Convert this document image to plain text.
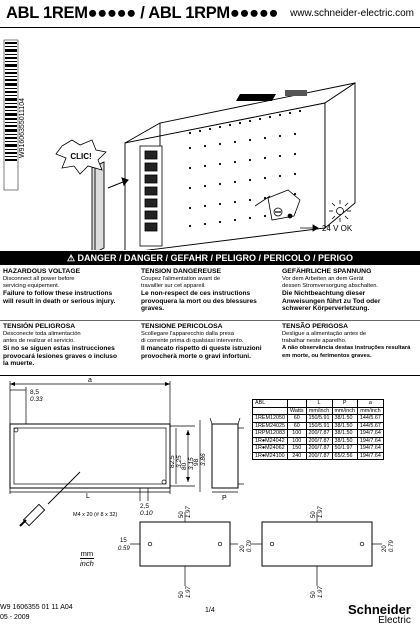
ABL 1REM●●●●● / ABL 1RPM●●●●● www.schneider-electric.com
W91606355011104	CLIC!
24 V OK
⚠ DANGER / DANGER / GEFAHR / PELIGRO / PERICOLO / PERIGO
HAZARDOUS VOLTAGE
Disconnect all power before
servicing equipement.
Failure to follow these instructions
will result in death or serious injury.
TENSION DANGEREUSE
Coupez l'alimentation avant de
travailler sur cet appareil.
Le non-respect de ces instructions
provoquera la mort ou des blessures
graves.
GEFÄHRLICHE SPANNUNG
Vor dem Arbeiten an dem Gerät
dessen Stromversorgung abschalten.
Die Nichtbeachtung dieser
Anweisungen führt zu Tod oder
schwerer Körperverletzung.
TENSIÓN PELIGROSA
Desconecte toda alimentación
antes de realizar el servicio.
Si no se siguen estas instrucciones
provocará lesiones graves o incluso
la muerte.
TENSIONE PERICOLOSA
Scollegare l'apparecchio dalla presa
di corrente prima di qualsiasi intervento.
Il mancato rispetto di queste istruzioni
provocherà morte o gravi infortuni.
TENSÃO PERIGOSA
Desligue a alimentação antes de
trabalhar neste aparelho.
A não observância destas instruções resultará
em morte, ou ferimentos graves.
a
8,5
0.33
80 3.15
98 3.86
82,5 3.25
L	P
2,5
0.10
M4 x 20 (# 8 x 32)	50 1.97
15
0.59	20 0.79
50 1.97
50 1.97
50 1.97
20 0.79
ABL		L	P	a
	Watts	mm/inch	mm/inch	mm/inch
1REM12050	60	150/5.91	38/1.50	144/5.67
1REM24025	60	150/5.91	38/1.50	144/5.67
1RPM12083	100	200/7.87	38/1.50	194/7.64
1R●M24042	100	200/7.87	38/1.50	194/7.64
1R●M24062	150	200/7.87	50/1.97	194/7.64
1R●M24100	240	200/7.87	65/2.56	194/7.64
mm
inch
W9 1606355 01 11 A04
05 - 2009
1/4	Schneider
Electric
